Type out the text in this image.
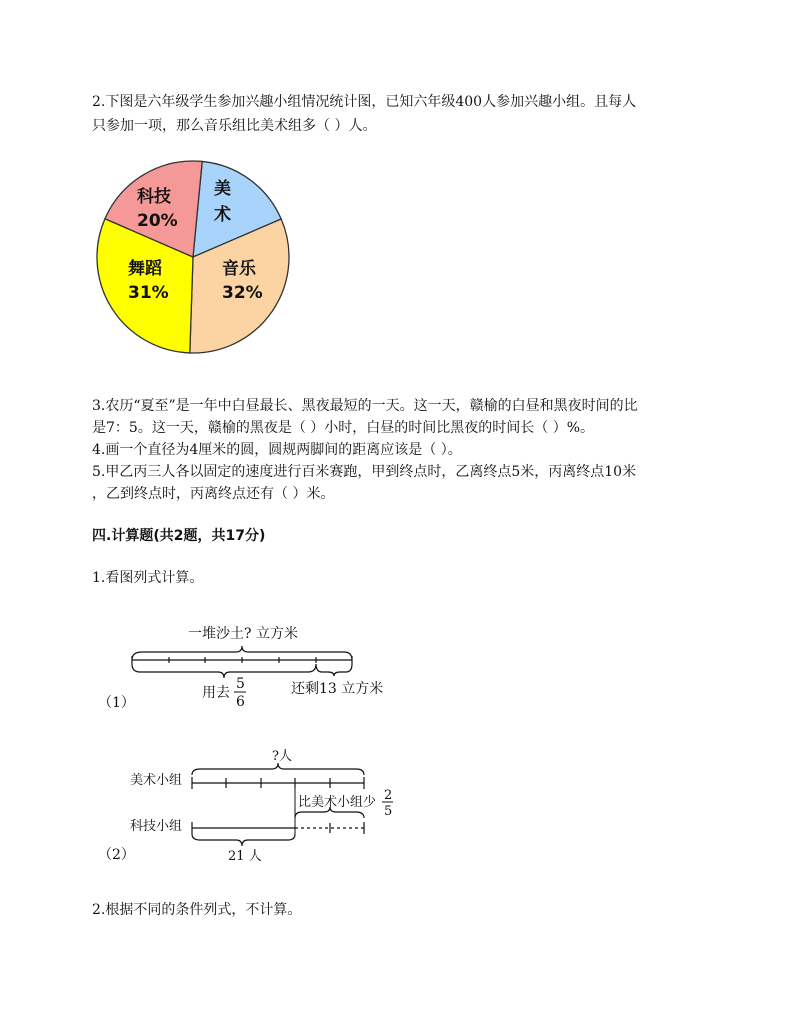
2.下图是六年级学生参加兴趣小组情况统计图，已知六年级400人参加兴趣小组。且每人
只参加一项，那么音乐组比美术组多（ ）人。
美
术
科技
20%
舞蹈
31%
音乐
32%
3.农历“夏至”是一年中白昼最长、黑夜最短的一天。这一天，赣榆的白昼和黑夜时间的比
是7：5。这一天，赣榆的黑夜是（ ）小时，白昼的时间比黑夜的时间长（ ）%。
4.画一个直径为4厘米的圆，圆规两脚间的距离应该是（ ）。
5.甲乙丙三人各以固定的速度进行百米赛跑，甲到终点时，乙离终点5米，丙离终点10米
，乙到终点时，丙离终点还有（ ）米。
四.计算题(共2题，共17分)
1.看图列式计算。
一堆沙土? 立方米
用去
5
6
还剩13 立方米
（1）
?人
美术小组
比美术小组少 2
5
科技小组
21 人
（2）
2.根据不同的条件列式，不计算。
